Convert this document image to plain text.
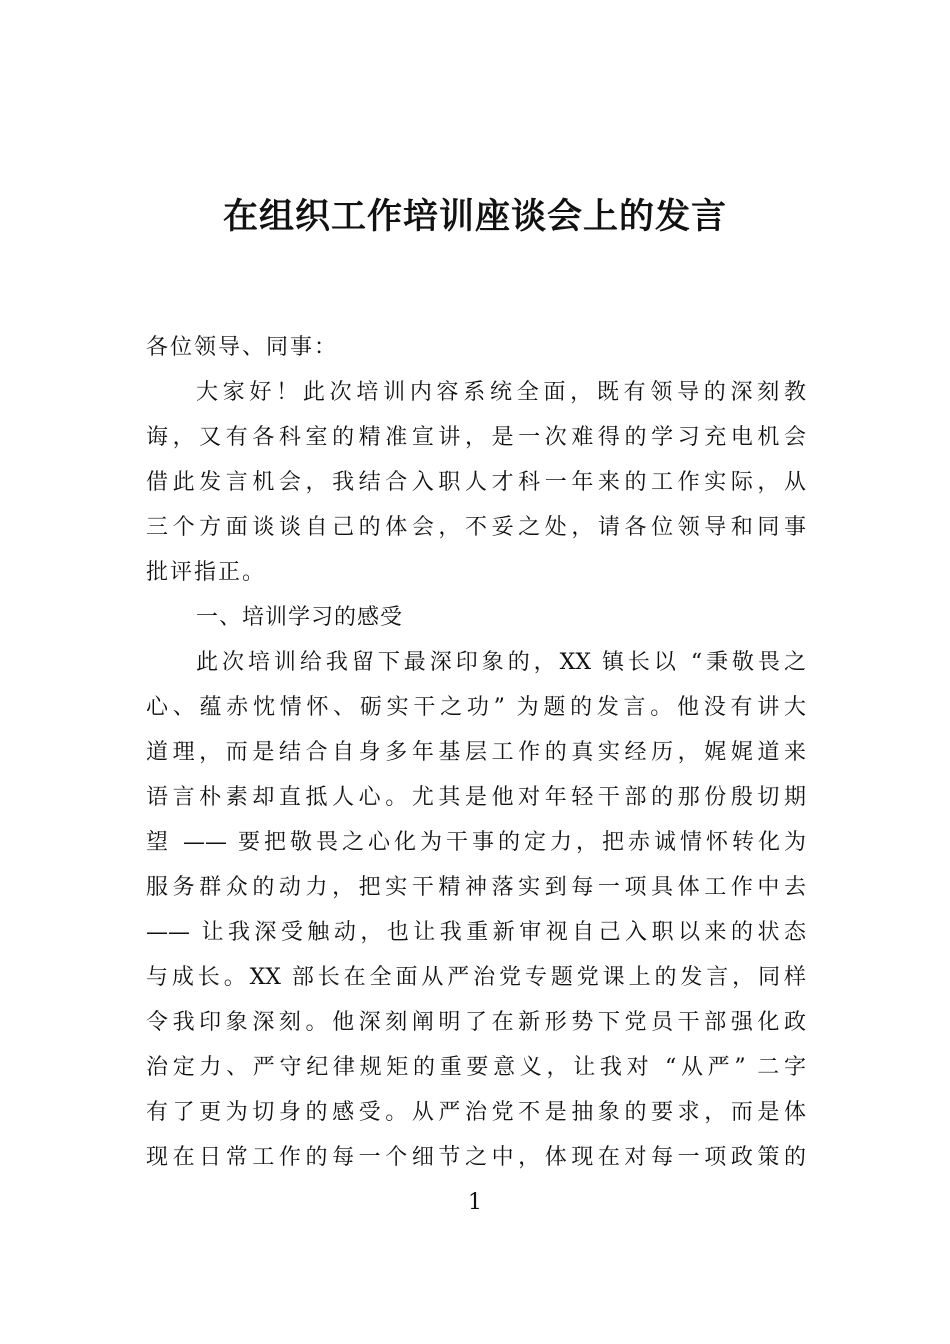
在组织工作培训座谈会上的发言
各位领导、同事：
大家好！此次培训内容系统全面，既有领导的深刻教
诲，又有各科室的精准宣讲，是一次难得的学习充电机会
借此发言机会，我结合入职人才科一年来的工作实际，从
三个方面谈谈自己的体会，不妥之处，请各位领导和同事
批评指正。
一、培训学习的感受
此次培训给我留下最深印象的，XX 镇长以 “秉敬畏之
心、蕴赤忱情怀、砺实干之功” 为题的发言。他没有讲大
道理，而是结合自身多年基层工作的真实经历，娓娓道来
语言朴素却直抵人心。尤其是他对年轻干部的那份殷切期
望 —— 要把敬畏之心化为干事的定力，把赤诚情怀转化为
服务群众的动力，把实干精神落实到每一项具体工作中去
—— 让我深受触动，也让我重新审视自己入职以来的状态
与成长。XX 部长在全面从严治党专题党课上的发言，同样
令我印象深刻。他深刻阐明了在新形势下党员干部强化政
治定力、严守纪律规矩的重要意义，让我对 “从严” 二字
有了更为切身的感受。从严治党不是抽象的要求，而是体
现在日常工作的每一个细节之中，体现在对每一项政策的
1
